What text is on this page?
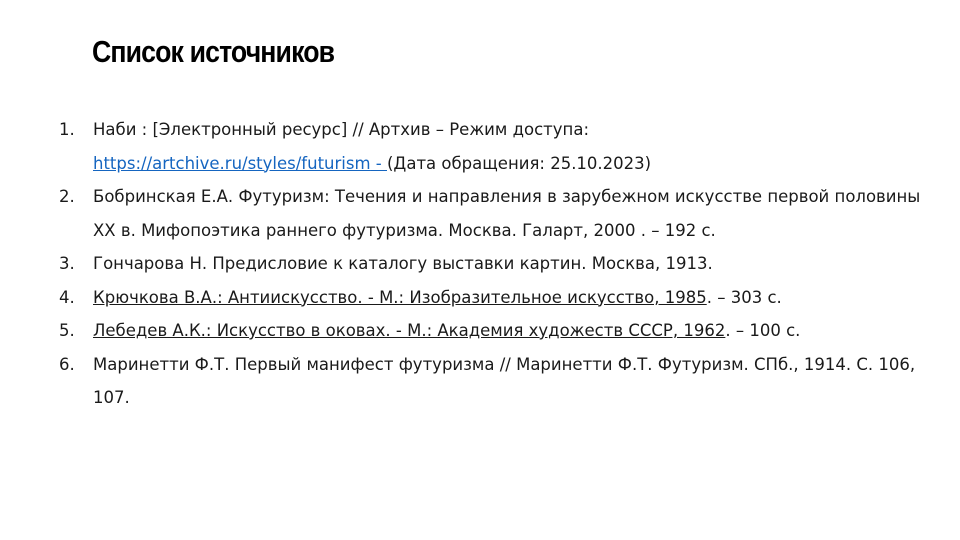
Список источников
1. Наби : [Электронный ресурс] // Артхив – Режим доступа:
https://artchive.ru/styles/futurism - (Дата обращения: 25.10.2023)
2. Бобринская Е.А. Футуризм: Течения и направления в зарубежном искусстве первой половины XX в. Мифопоэтика раннего футуризма. Москва. Галарт, 2000 . – 192 с.
3. Гончарова Н. Предисловие к каталогу выставки картин. Москва, 1913.
4. Крючкова В.А.: Антиискусство. - М.: Изобразительное искусство, 1985. – 303 с.
5. Лебедев А.К.: Искусство в оковах. - М.: Академия художеств СССР, 1962. – 100 с.
6. Маринетти Ф.Т. Первый манифест футуризма // Маринетти Ф.Т. Футуризм. СПб., 1914. С. 106, 107.
